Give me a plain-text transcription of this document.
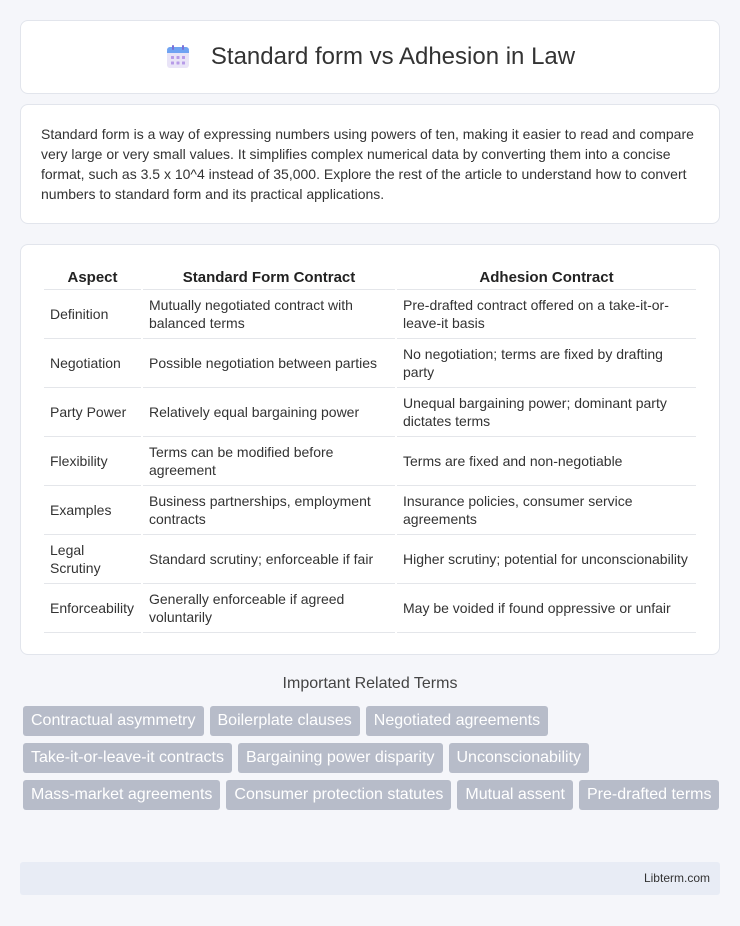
Standard form vs Adhesion in Law

Standard form is a way of expressing numbers using powers of ten, making it easier to read and compare very large or very small values. It simplifies complex numerical data by converting them into a concise format, such as 3.5 x 10^4 instead of 35,000. Explore the rest of the article to understand how to convert numbers to standard form and its practical applications.

Aspect	Standard Form Contract	Adhesion Contract
Definition	Mutually negotiated contract with balanced terms	Pre-drafted contract offered on a take-it-or-leave-it basis
Negotiation	Possible negotiation between parties	No negotiation; terms are fixed by drafting party
Party Power	Relatively equal bargaining power	Unequal bargaining power; dominant party dictates terms
Flexibility	Terms can be modified before agreement	Terms are fixed and non-negotiable
Examples	Business partnerships, employment contracts	Insurance policies, consumer service agreements
Legal Scrutiny	Standard scrutiny; enforceable if fair	Higher scrutiny; potential for unconscionability
Enforceability	Generally enforceable if agreed voluntarily	May be voided if found oppressive or unfair
Important Related Terms
Contractual asymmetry	Boilerplate clauses	Negotiated agreements
Take-it-or-leave-it contracts	Bargaining power disparity	Unconscionability
Mass-market agreements	Consumer protection statutes	Mutual assent	Pre-drafted terms
Libterm.com
